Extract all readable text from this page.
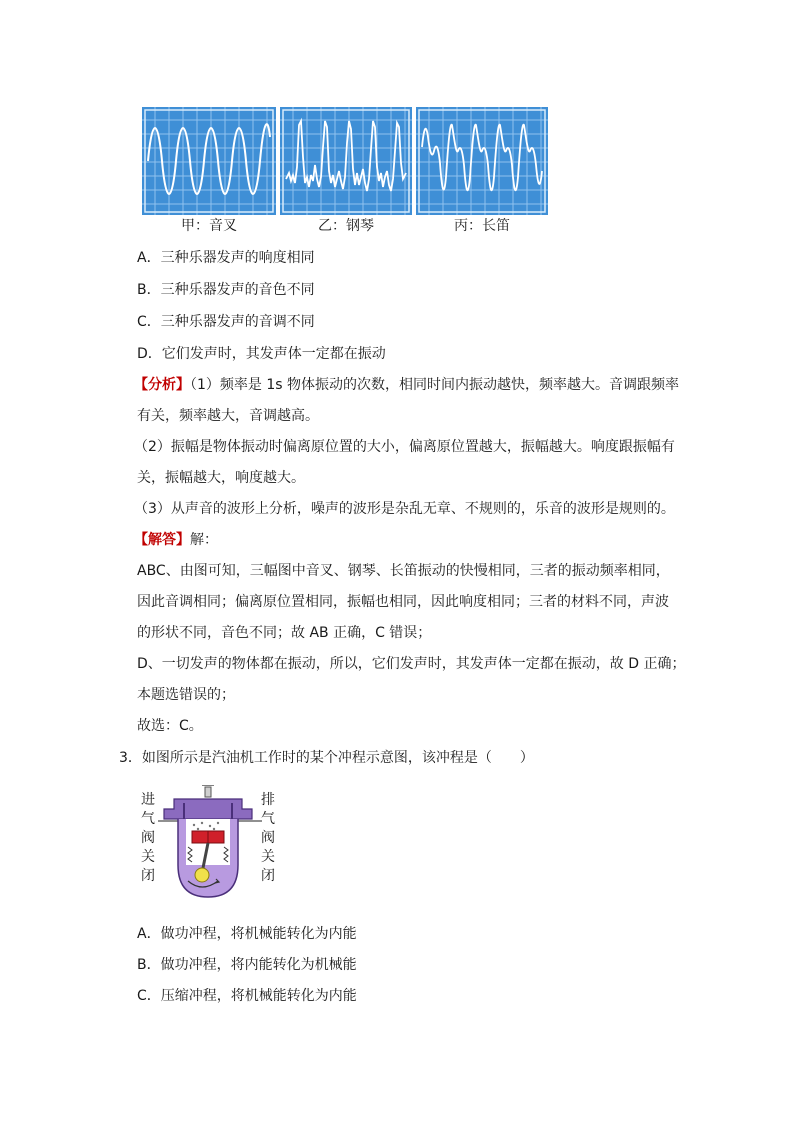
甲：音叉	乙：钢琴	丙：长笛
A．三种乐器发声的响度相同
B．三种乐器发声的音色不同
C．三种乐器发声的音调不同
D．它们发声时，其发声体一定都在振动
【分析】（1）频率是 1s 物体振动的次数，相同时间内振动越快，频率越大。音调跟频率
有关，频率越大，音调越高。
（2）振幅是物体振动时偏离原位置的大小，偏离原位置越大，振幅越大。响度跟振幅有
关，振幅越大，响度越大。
（3）从声音的波形上分析，噪声的波形是杂乱无章、不规则的，乐音的波形是规则的。
【解答】解：
ABC、由图可知，三幅图中音叉、钢琴、长笛振动的快慢相同，三者的振动频率相同，
因此音调相同；偏离原位置相同，振幅也相同，因此响度相同；三者的材料不同，声波
的形状不同，音色不同；故 AB 正确，C 错误；
D、一切发声的物体都在振动，所以，它们发声时，其发声体一定都在振动，故 D 正确；
本题选错误的；
故选：C。
3．如图所示是汽油机工作时的某个冲程示意图，该冲程是（　　）
进
气
阀
关
闭
排
气
阀
关
闭
A．做功冲程，将机械能转化为内能
B．做功冲程，将内能转化为机械能
C．压缩冲程，将机械能转化为内能
